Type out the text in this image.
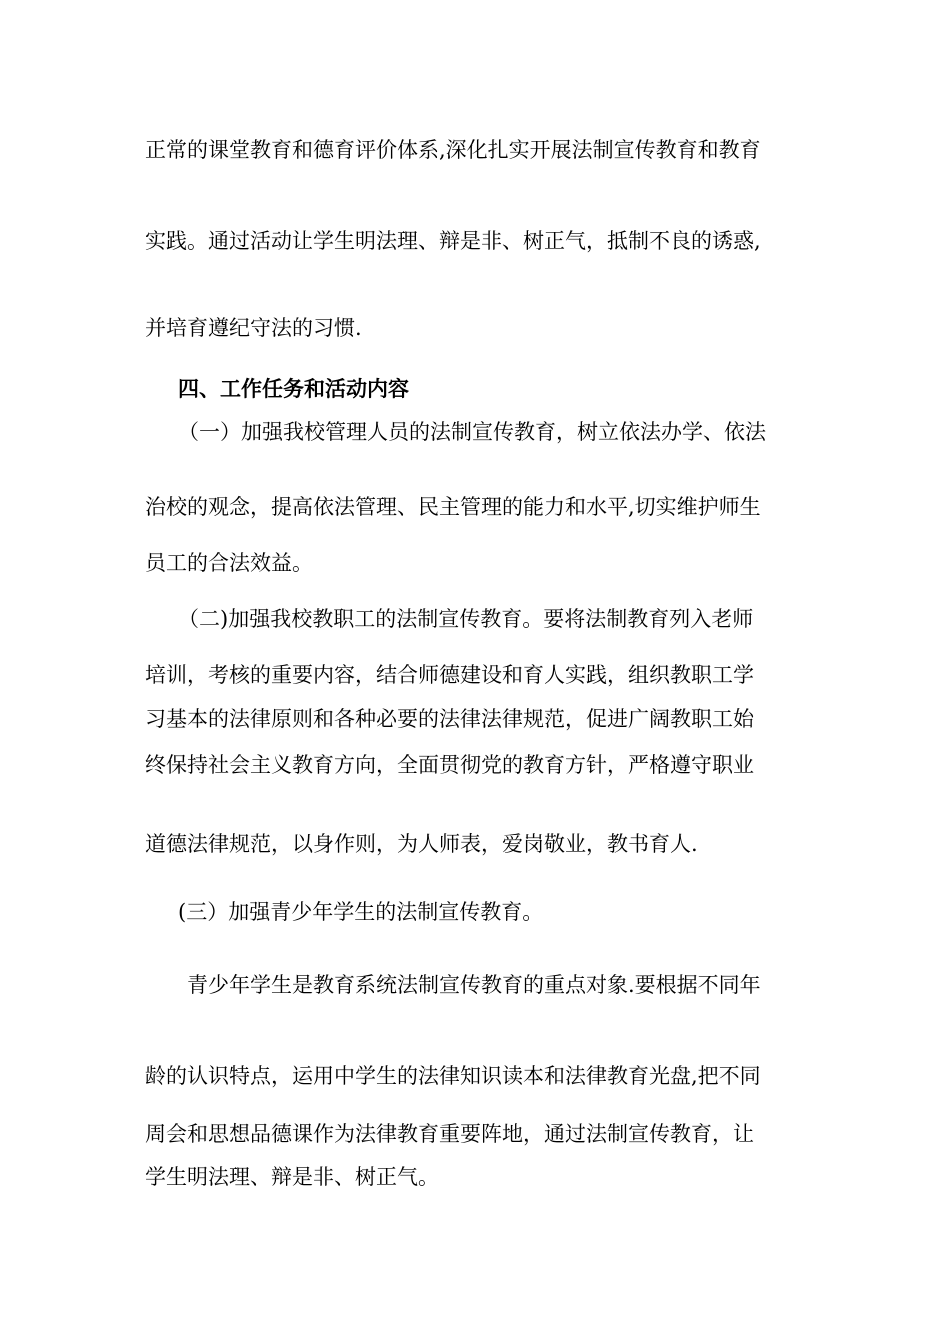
正常的课堂教育和德育评价体系,深化扎实开展法制宣传教育和教育

实践。通过活动让学生明法理、辩是非、树正气，抵制不良的诱惑,

并培育遵纪守法的习惯.

四、工作任务和活动内容

（一）加强我校管理人员的法制宣传教育，树立依法办学、依法

治校的观念，提高依法管理、民主管理的能力和水平,切实维护师生

员工的合法效益。

（二)加强我校教职工的法制宣传教育。要将法制教育列入老师

培训，考核的重要内容，结合师德建设和育人实践，组织教职工学

习基本的法律原则和各种必要的法律法律规范，促进广阔教职工始

终保持社会主义教育方向，全面贯彻党的教育方针，严格遵守职业

道德法律规范，以身作则，为人师表，爱岗敬业，教书育人.

(三）加强青少年学生的法制宣传教育。

青少年学生是教育系统法制宣传教育的重点对象.要根据不同年

龄的认识特点，运用中学生的法律知识读本和法律教育光盘,把不同

周会和思想品德课作为法律教育重要阵地，通过法制宣传教育，让

学生明法理、辩是非、树正气。
